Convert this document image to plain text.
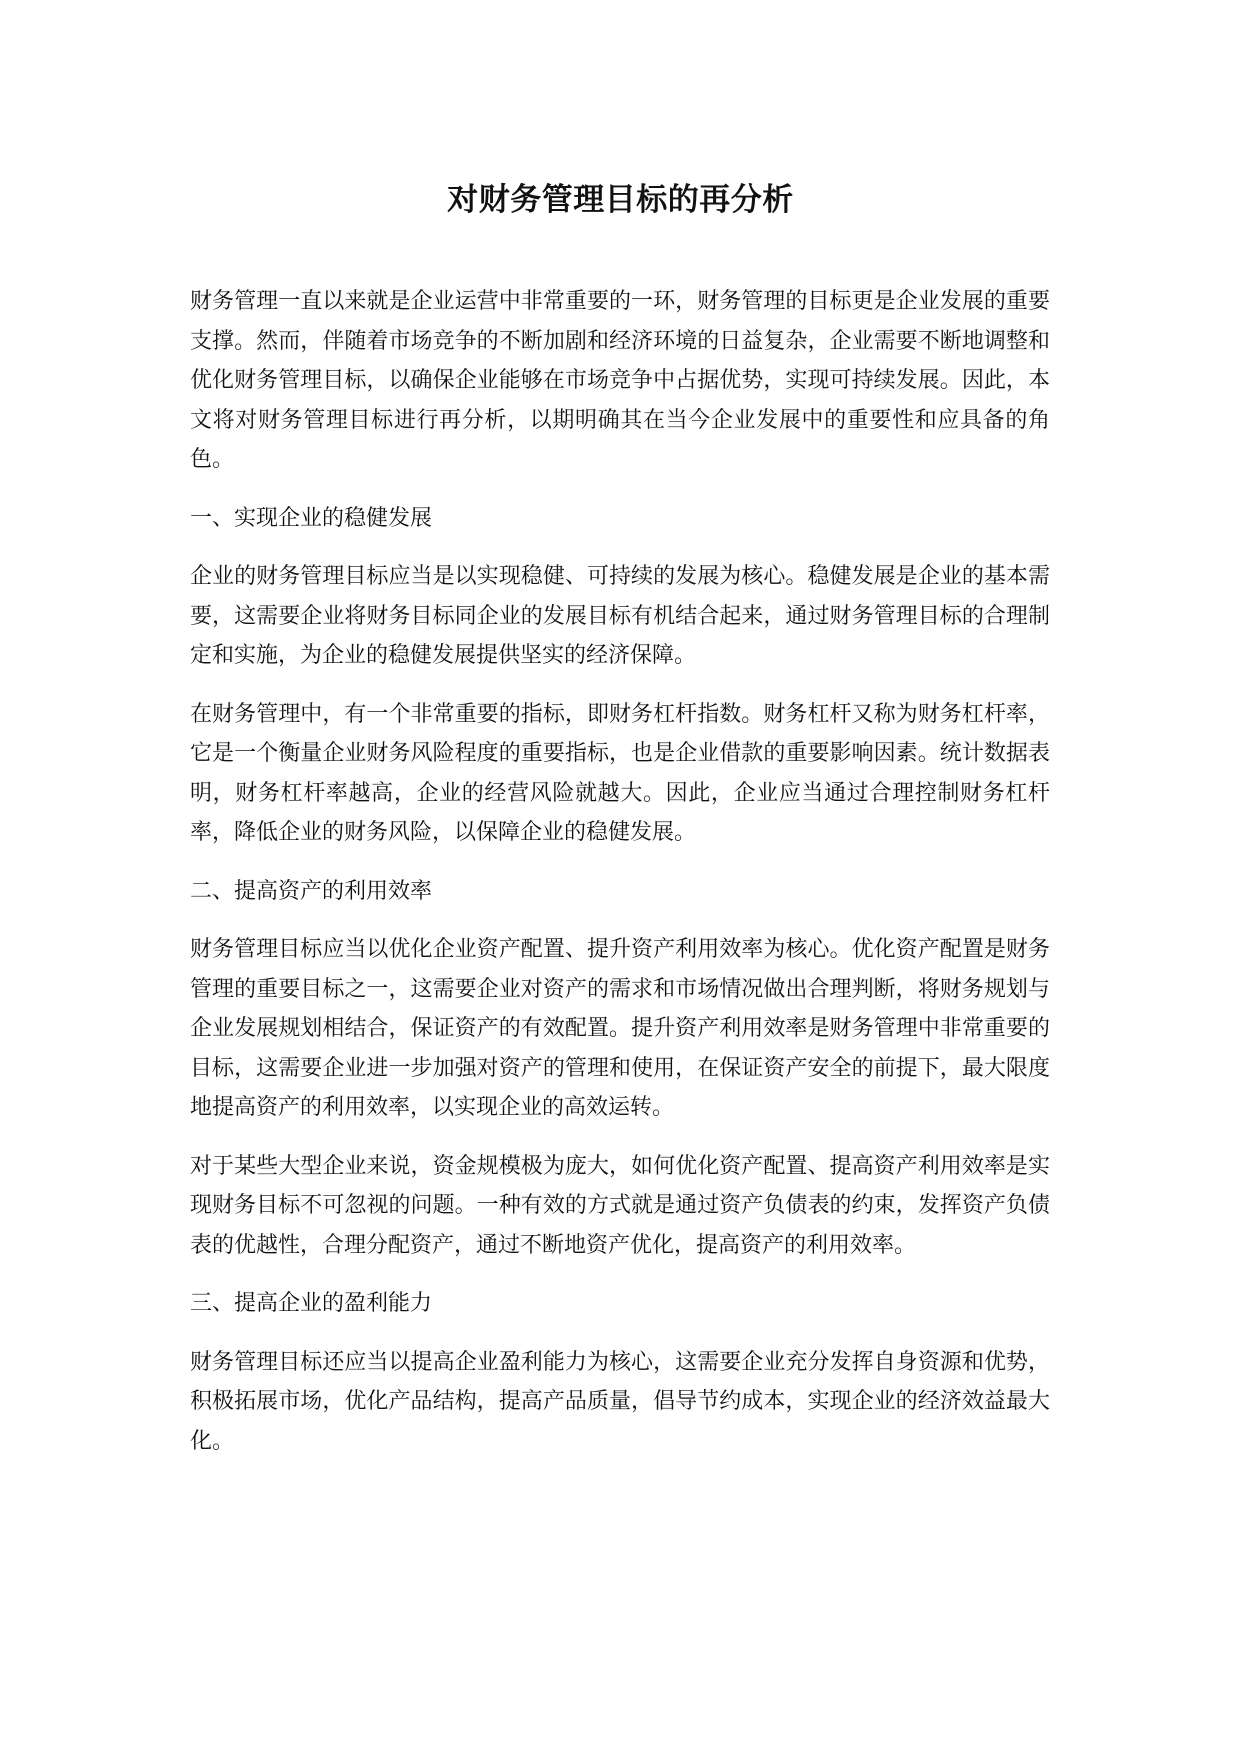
对财务管理目标的再分析

财务管理一直以来就是企业运营中非常重要的一环，财务管理的目标更是企业发展的重要支撑。然而，伴随着市场竞争的不断加剧和经济环境的日益复杂，企业需要不断地调整和优化财务管理目标，以确保企业能够在市场竞争中占据优势，实现可持续发展。因此，本文将对财务管理目标进行再分析，以期明确其在当今企业发展中的重要性和应具备的角色。

一、实现企业的稳健发展

企业的财务管理目标应当是以实现稳健、可持续的发展为核心。稳健发展是企业的基本需要，这需要企业将财务目标同企业的发展目标有机结合起来，通过财务管理目标的合理制定和实施，为企业的稳健发展提供坚实的经济保障。

在财务管理中，有一个非常重要的指标，即财务杠杆指数。财务杠杆又称为财务杠杆率，它是一个衡量企业财务风险程度的重要指标，也是企业借款的重要影响因素。统计数据表明，财务杠杆率越高，企业的经营风险就越大。因此，企业应当通过合理控制财务杠杆率，降低企业的财务风险，以保障企业的稳健发展。

二、提高资产的利用效率

财务管理目标应当以优化企业资产配置、提升资产利用效率为核心。优化资产配置是财务管理的重要目标之一，这需要企业对资产的需求和市场情况做出合理判断，将财务规划与企业发展规划相结合，保证资产的有效配置。提升资产利用效率是财务管理中非常重要的目标，这需要企业进一步加强对资产的管理和使用，在保证资产安全的前提下，最大限度地提高资产的利用效率，以实现企业的高效运转。

对于某些大型企业来说，资金规模极为庞大，如何优化资产配置、提高资产利用效率是实现财务目标不可忽视的问题。一种有效的方式就是通过资产负债表的约束，发挥资产负债表的优越性，合理分配资产，通过不断地资产优化，提高资产的利用效率。

三、提高企业的盈利能力

财务管理目标还应当以提高企业盈利能力为核心，这需要企业充分发挥自身资源和优势，积极拓展市场，优化产品结构，提高产品质量，倡导节约成本，实现企业的经济效益最大化。
